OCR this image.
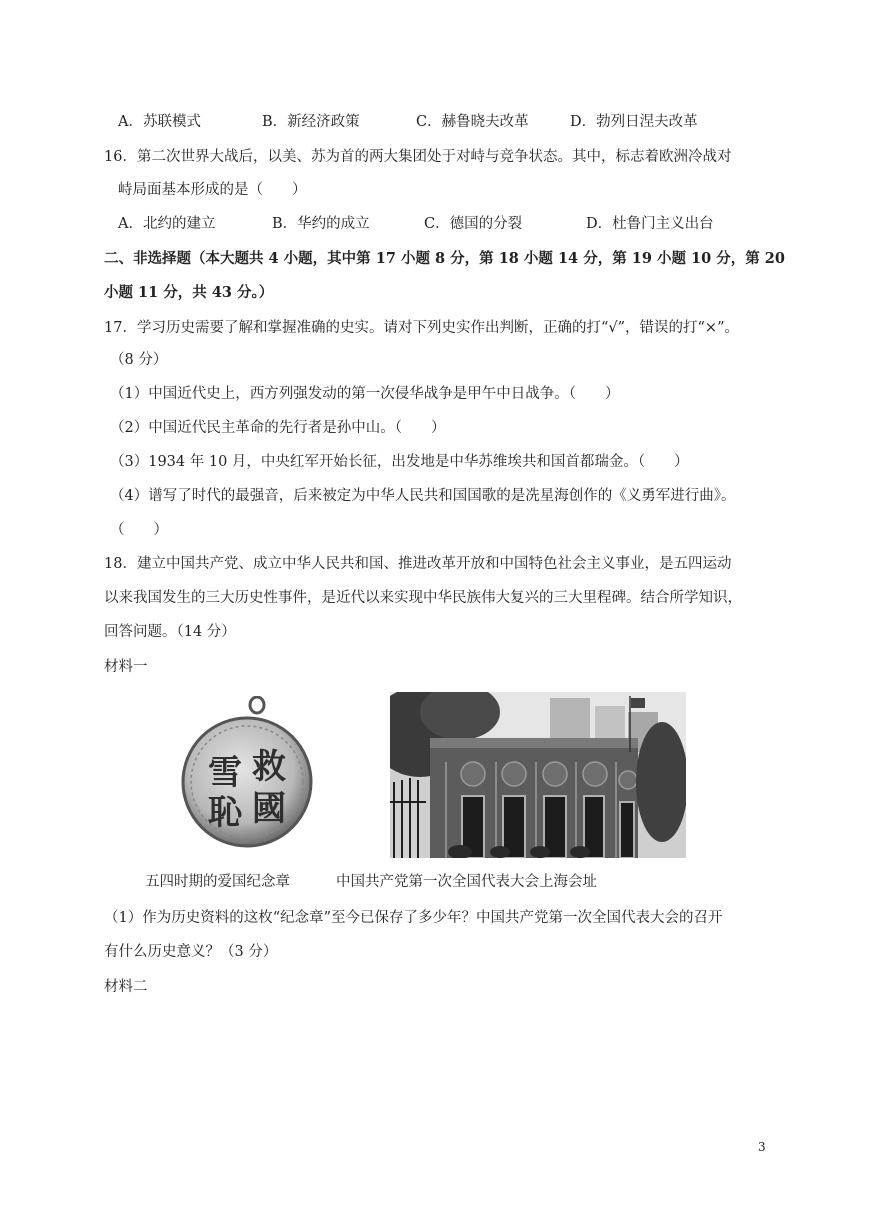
A．苏联模式	B．新经济政策	C．赫鲁晓夫改革	D．勃列日涅夫改革
16．第二次世界大战后，以美、苏为首的两大集团处于对峙与竞争状态。其中，标志着欧洲冷战对
峙局面基本形成的是（　　）
A．北约的建立	B．华约的成立	C．德国的分裂	D．杜鲁门主义出台
二、非选择题（本大题共 4 小题，其中第 17 小题 8 分，第 18 小题 14 分，第 19 小题 10 分，第 20
小题 11 分，共 43 分。）
17．学习历史需要了解和掌握准确的史实。请对下列史实作出判断，正确的打“√”，错误的打“×”。
（8 分）
（1）中国近代史上，西方列强发动的第一次侵华战争是甲午中日战争。（　　）
（2）中国近代民主革命的先行者是孙中山。（　　）
（3）1934 年 10 月，中央红军开始长征，出发地是中华苏维埃共和国首都瑞金。（　　）
（4）谱写了时代的最强音，后来被定为中华人民共和国国歌的是冼星海创作的《义勇军进行曲》。
（　　）
18．建立中国共产党、成立中华人民共和国、推进改革开放和中国特色社会主义事业，是五四运动
以来我国发生的三大历史性事件，是近代以来实现中华民族伟大复兴的三大里程碑。结合所学知识，
回答问题。（14 分）
材料一
救
國
雪
恥
五四时期的爱国纪念章	中国共产党第一次全国代表大会上海会址
（1）作为历史资料的这枚“纪念章”至今已保存了多少年？中国共产党第一次全国代表大会的召开
有什么历史意义？（3 分）
材料二
3
